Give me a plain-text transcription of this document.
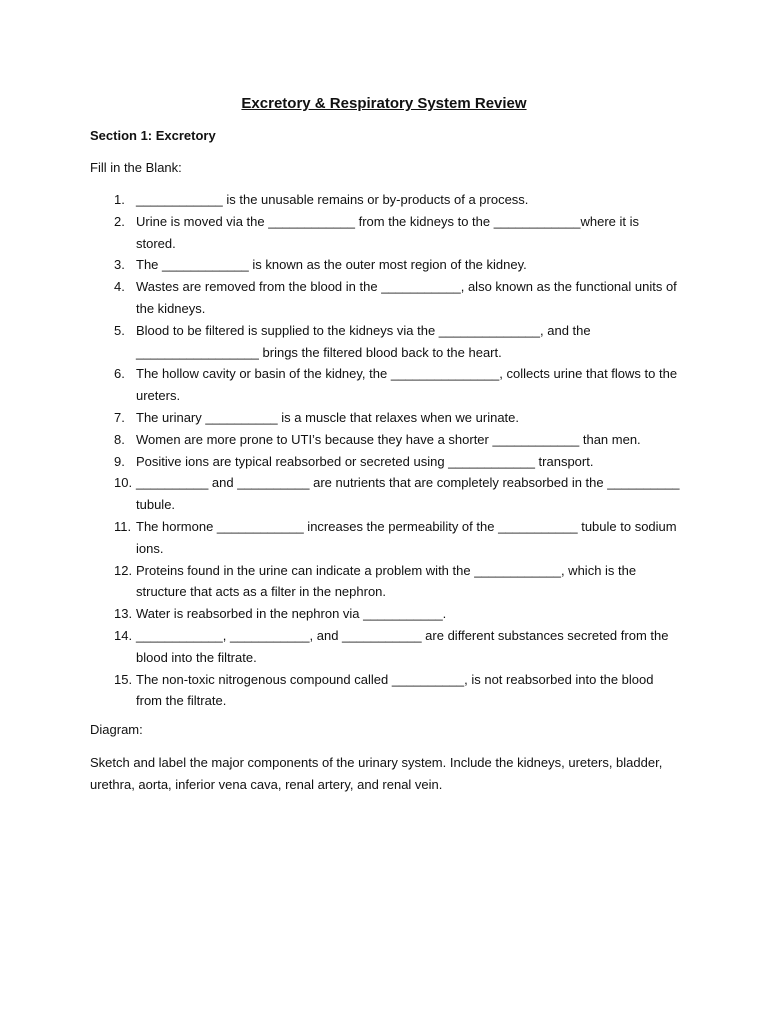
Excretory & Respiratory System Review
Section 1: Excretory
Fill in the Blank:
1. ____________ is the unusable remains or by-products of a process.
2. Urine is moved via the ____________ from the kidneys to the ____________where it is stored.
3. The ____________ is known as the outer most region of the kidney.
4. Wastes are removed from the blood in the ___________, also known as the functional units of the kidneys.
5. Blood to be filtered is supplied to the kidneys via the ______________, and the _________________ brings the filtered blood back to the heart.
6. The hollow cavity or basin of the kidney, the _______________, collects urine that flows to the ureters.
7. The urinary __________ is a muscle that relaxes when we urinate.
8. Women are more prone to UTI’s because they have a shorter ____________ than men.
9. Positive ions are typical reabsorbed or secreted using ____________ transport.
10. __________ and __________ are nutrients that are completely reabsorbed in the __________ tubule.
11. The hormone ____________ increases the permeability of the ___________ tubule to sodium ions.
12. Proteins found in the urine can indicate a problem with the ____________, which is the structure that acts as a filter in the nephron.
13. Water is reabsorbed in the nephron via ___________.
14. ____________, ___________, and ___________ are different substances secreted from the blood into the filtrate.
15. The non-toxic nitrogenous compound called __________, is not reabsorbed into the blood from the filtrate.
Diagram:

Sketch and label the major components of the urinary system. Include the kidneys, ureters, bladder, urethra, aorta, inferior vena cava, renal artery, and renal vein.
